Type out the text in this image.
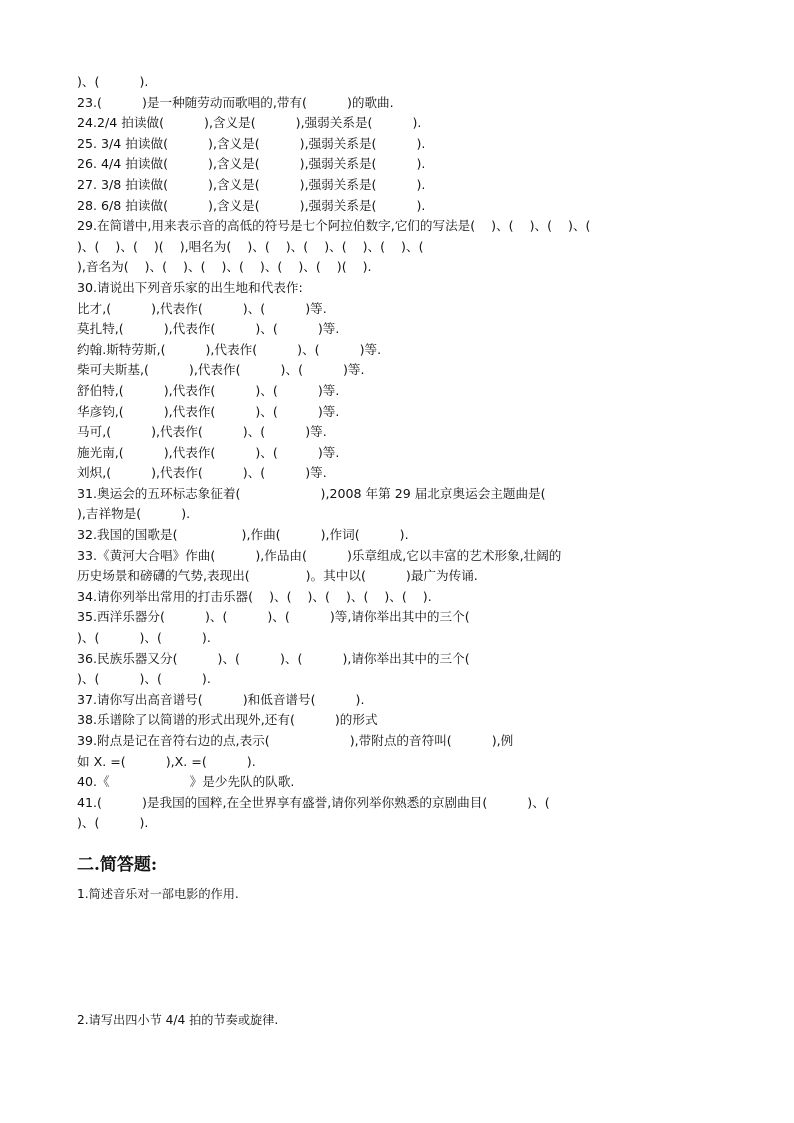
)、(          ).
23.(          )是一种随劳动而歌唱的,带有(          )的歌曲.
24.2/4 拍读做(          ),含义是(          ),强弱关系是(          ).
25. 3/4 拍读做(          ),含义是(          ),强弱关系是(          ).
26. 4/4 拍读做(          ),含义是(          ),强弱关系是(          ).
27. 3/8 拍读做(          ),含义是(          ),强弱关系是(          ).
28. 6/8 拍读做(          ),含义是(          ),强弱关系是(          ).
29.在简谱中,用来表示音的高低的符号是七个阿拉伯数字,它们的写法是(    )、(    )、(    )、(
)、(    )、(    )(    ),唱名为(    )、(    )、(    )、(    )、(    )、(
),音名为(    )、(    )、(    )、(    )、(    )、(    )(    ).
30.请说出下列音乐家的出生地和代表作:
比才,(          ),代表作(          )、(          )等.
莫扎特,(          ),代表作(          )、(          )等.
约翰.斯特劳斯,(          ),代表作(          )、(          )等.
柴可夫斯基,(          ),代表作(          )、(          )等.
舒伯特,(          ),代表作(          )、(          )等.
华彦钧,(          ),代表作(          )、(          )等.
马可,(          ),代表作(          )、(          )等.
施光南,(          ),代表作(          )、(          )等.
刘炽,(          ),代表作(          )、(          )等.
31.奥运会的五环标志象征着(                    ),2008 年第 29 届北京奥运会主题曲是(
),吉祥物是(          ).
32.我国的国歌是(                ),作曲(          ),作词(          ).
33.《黄河大合唱》作曲(          ),作品由(          )乐章组成,它以丰富的艺术形象,壮阔的
历史场景和磅礴的气势,表现出(              )。其中以(          )最广为传诵.
34.请你列举出常用的打击乐器(    )、(    )、(    )、(    )、(    ).
35.西洋乐器分(          )、(          )、(          )等,请你举出其中的三个(
)、(          )、(          ).
36.民族乐器又分(          )、(          )、(          ),请你举出其中的三个(
)、(          )、(          ).
37.请你写出高音谱号(          )和低音谱号(          ).
38.乐谱除了以简谱的形式出现外,还有(          )的形式
39.附点是记在音符右边的点,表示(                    ),带附点的音符叫(          ),例
如 X. =(          ),X. =(          ).
40.《                    》是少先队的队歌.
41.(          )是我国的国粹,在全世界享有盛誉,请你列举你熟悉的京剧曲目(          )、(
)、(          ).
二.简答题:
1.简述音乐对一部电影的作用.
2.请写出四小节 4/4 拍的节奏或旋律.
